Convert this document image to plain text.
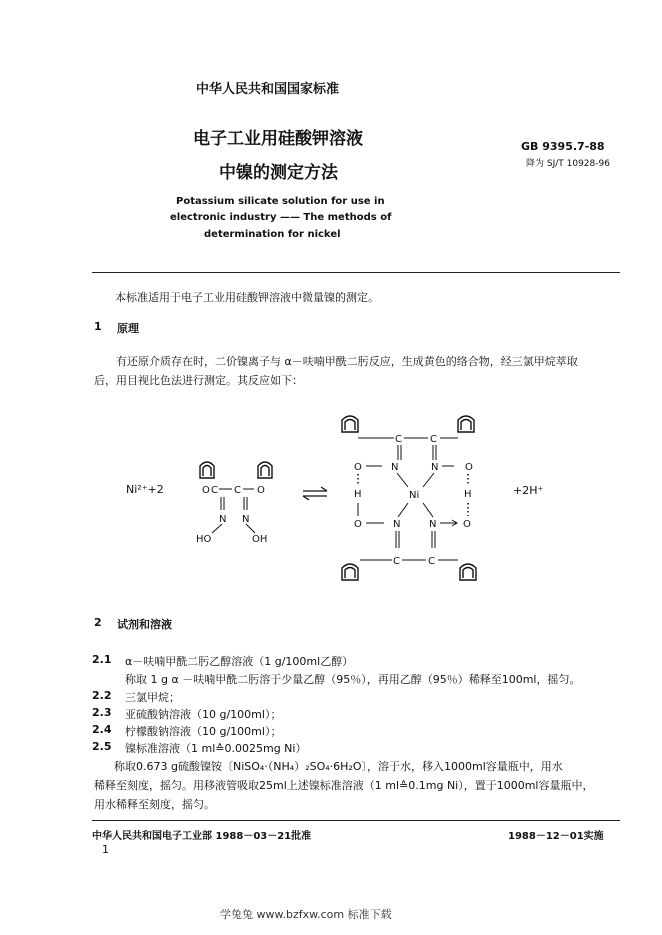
中华人民共和国国家标准
电子工业用硅酸钾溶液
中镍的测定方法
GB 9395.7-88
降为 SJ/T 10928-96
Potassium silicate solution for use in
electronic industry —— The methods of
determination for nickel
本标准适用于电子工业用硅酸钾溶液中微量镍的测定。
1 原理
有还原介质存在时，二价镍离子与 α－呋喃甲酰二肟反应，生成黄色的络合物，经三氯甲烷萃取
后，用目视比色法进行测定。其反应如下：
Ni²⁺+2	O C C O
N N
HO	OH
C	C
O	N	N	O
H	H
Ni
O	N	N	O
C	C
+2H⁺
2 试剂和溶液
2.1 α－呋喃甲酰二肟乙醇溶液（1 g/100ml乙醇）
称取 1 g α －呋喃甲酰二肟溶于少量乙醇（95％），再用乙醇（95％）稀释至100ml，摇匀。
2.2 三氯甲烷；
2.3 亚硫酸钠溶液（10 g/100ml）；
2.4 柠檬酸钠溶液（10 g/100ml）；
2.5 镍标准溶液（1 ml≙0.0025mg Ni）
称取0.673 g硫酸镍铵〔NiSO₄·（NH₄）₂SO₄·6H₂O〕，溶于水，移入1000ml容量瓶中，用水
稀释至刻度，摇匀。用移液管吸取25ml上述镍标准溶液（1 ml≙0.1mg Ni），置于1000ml容量瓶中，
用水稀释至刻度，摇匀。
中华人民共和国电子工业部 1988－03－21批准	1988－12－01实施
1
学兔兔 www.bzfxw.com 标准下载
